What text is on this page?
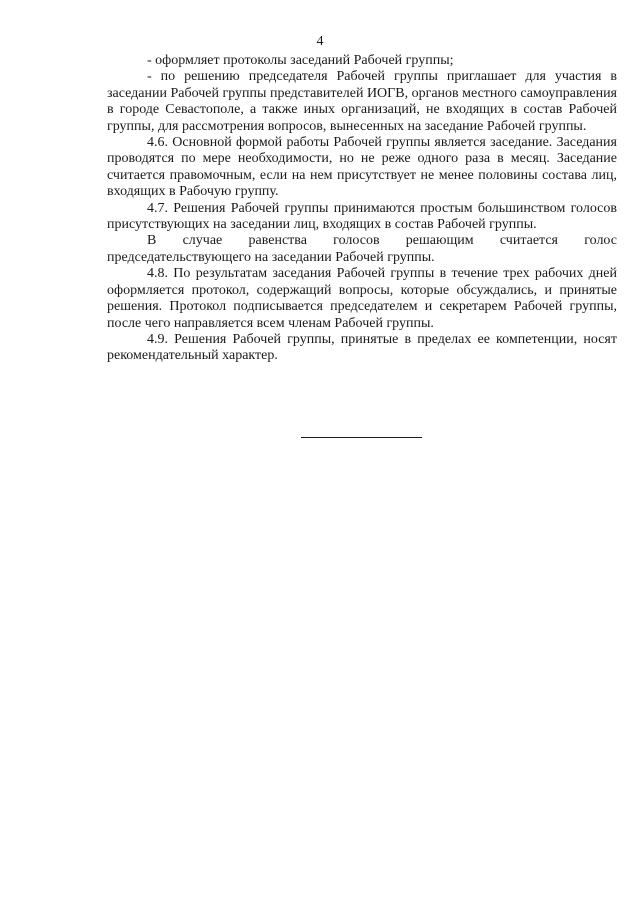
4

- оформляет протоколы заседаний Рабочей группы;

- по решению председателя Рабочей группы приглашает для участия в заседании Рабочей группы представителей ИОГВ, органов местного самоуправления в городе Севастополе, а также иных организаций, не входящих в состав Рабочей группы, для рассмотрения вопросов, вынесенных на заседание Рабочей группы.

4.6. Основной формой работы Рабочей группы является заседание. Заседания проводятся по мере необходимости, но не реже одного раза в месяц. Заседание считается правомочным, если на нем присутствует не менее половины состава лиц, входящих в Рабочую группу.

4.7. Решения Рабочей группы принимаются простым большинством голосов присутствующих на заседании лиц, входящих в состав Рабочей группы.

В случае равенства голосов решающим считается голос председательствующего на заседании Рабочей группы.

4.8. По результатам заседания Рабочей группы в течение трех рабочих дней оформляется протокол, содержащий вопросы, которые обсуждались, и принятые решения. Протокол подписывается председателем и секретарем Рабочей группы, после чего направляется всем членам Рабочей группы.

4.9. Решения Рабочей группы, принятые в пределах ее компетенции, носят рекомендательный характер.
